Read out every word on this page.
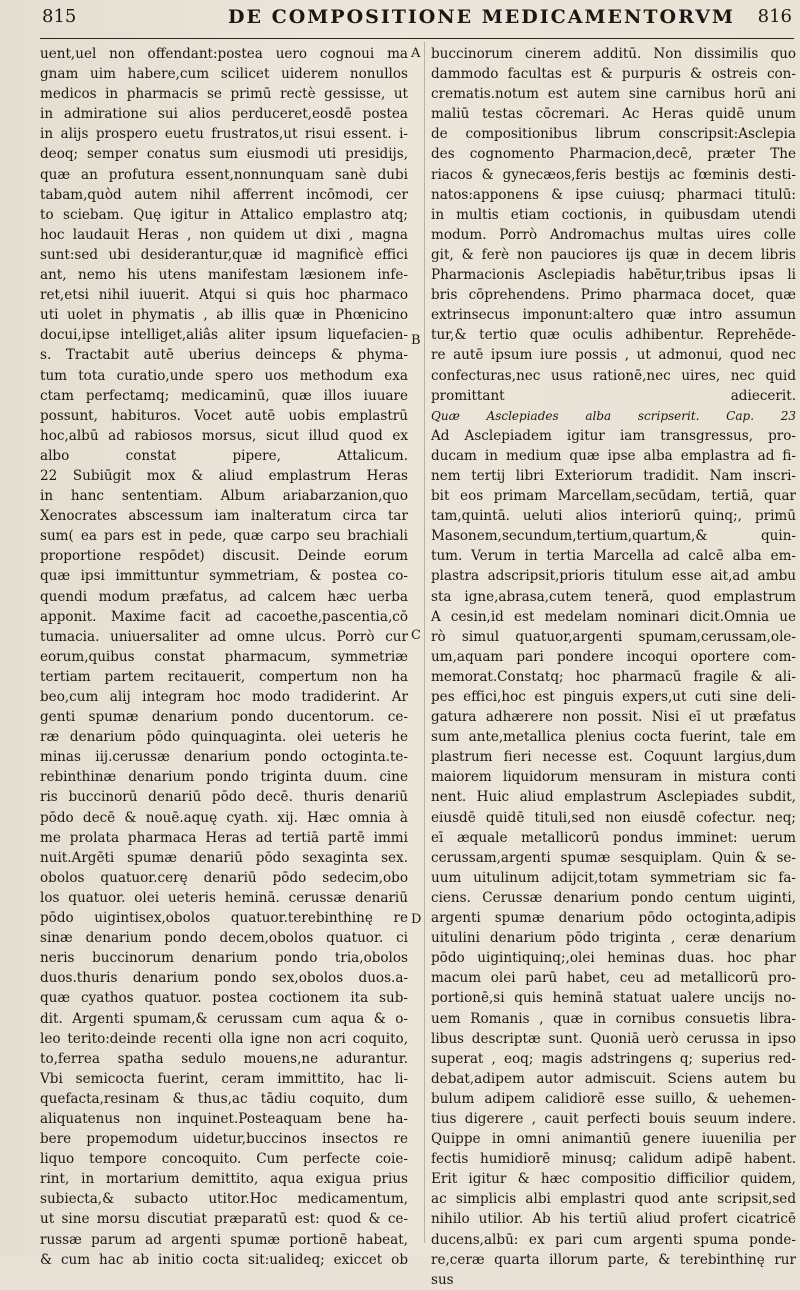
815	DE COMPOSITIONE MEDICAMENTORVM 816
A
B
C
D
uent,uel non offendant:postea uero cognoui ma
gnam uim habere,cum scilicet uiderem nonullos
medicos in pharmacis se primū rectè gessisse, ut
in admiratione sui alios perduceret,eosdē postea
in alijs prospero euetu frustratos,ut risui essent. i-
deoq; semper conatus sum eiusmodi uti presidijs,
quæ an profutura essent,nonnunquam sanè dubi
tabam,quòd autem nihil afferrent incōmodi, cer
to sciebam. Quę igitur in Attalico emplastro atq;
hoc laudauit Heras , non quidem ut dixi , magna
sunt:sed ubi desiderantur,quæ id magnificè effici
ant, nemo his utens manifestam læsionem infe-
ret,etsi nihil iuuerit. Atqui si quis hoc pharmaco
uti uolet in phymatis , ab illis quæ in Phœnicino
docui,ipse intelliget,aliâs aliter ipsum liquefacien-
s. Tractabit autē uberius deinceps & phyma-
tum tota curatio,unde spero uos methodum exa
ctam perfectamq; medicaminū, quæ illos iuuare
possunt, habituros. Vocet autē uobis emplastrū
hoc,albū ad rabiosos morsus, sicut illud quod ex
albo constat pipere, Attalicum.
22 Subiūgit mox & aliud emplastrum Heras
in hanc sententiam. Album ariabarzanion,quo
Xenocrates abscessum iam inalteratum circa tar
sum( ea pars est in pede, quæ carpo seu brachiali
proportione respōdet) discusit. Deinde eorum
quæ ipsi immittuntur symmetriam, & postea co-
quendi modum præfatus, ad calcem hæc uerba
apponit. Maxime facit ad cacoethe,pascentia,cō
tumacia. uniuersaliter ad omne ulcus. Porrò cur
eorum,quibus constat pharmacum, symmetriæ
tertiam partem recitauerit, compertum non ha
beo,cum alij integram hoc modo tradiderint. Ar
genti spumæ denarium pondo ducentorum. ce-
ræ denarium pōdo quinquaginta. olei ueteris he
minas iij.cerussæ denarium pondo octoginta.te-
rebinthinæ denarium pondo triginta duum. cine
ris buccinorū denariū pōdo decē. thuris denariū
pōdo decē & nouē.aquę cyath. xij. Hæc omnia à
me prolata pharmaca Heras ad tertiā partē immi
nuit.Argēti spumæ denariū pōdo sexaginta sex.
obolos quatuor.cerę denariū pōdo sedecim,obo
los quatuor. olei ueteris heminā. cerussæ denariū
pōdo uigintisex,obolos quatuor.terebinthinę re
sinæ denarium pondo decem,obolos quatuor. ci
neris buccinorum denarium pondo tria,obolos
duos.thuris denarium pondo sex,obolos duos.a-
quæ cyathos quatuor. postea coctionem ita sub-
dit. Argenti spumam,& cerussam cum aqua & o-
leo terito:deinde recenti olla igne non acri coquito,
to,ferrea spatha sedulo mouens,ne adurantur.
Vbi semicocta fuerint, ceram immittito, hac li-
quefacta,resinam & thus,ac tādiu coquito, dum
aliquatenus non inquinet.Posteaquam bene ha-
bere propemodum uidetur,buccinos insectos re
liquo tempore concoquito. Cum perfecte coie-
rint, in mortarium demittito, aqua exigua prius
subiecta,& subacto utitor.Hoc medicamentum,
ut sine morsu discutiat præparatū est: quod & ce-
russæ parum ad argenti spumæ portionē habeat,
& cum hac ab initio cocta sit:ualideq; exiccet ob
buccinorum cinerem additū. Non dissimilis quo
dammodo facultas est & purpuris & ostreis con-
crematis.notum est autem sine carnibus horū ani
maliū testas cōcremari. Ac Heras quidē unum
de compositionibus librum conscripsit:Asclepia
des cognomento Pharmacion,decē, præter The
riacos & gynecæos,feris bestijs ac fœminis desti-
natos:apponens & ipse cuiusq; pharmaci titulū:
in multis etiam coctionis, in quibusdam utendi
modum. Porrò Andromachus multas uires colle
git, & ferè non pauciores ijs quæ in decem libris
Pharmacionis Asclepiadis habētur,tribus ipsas li
bris cōprehendens. Primo pharmaca docet, quæ
extrinsecus imponunt:altero quæ intro assumun
tur,& tertio quæ oculis adhibentur. Reprehēde-
re autē ipsum iure possis , ut admonui, quod nec
confecturas,nec usus rationē,nec uires, nec quid
promittant adiecerit.
Quæ Asclepiades alba scripserit. Cap. 23
Ad Asclepiadem igitur iam transgressus, pro-
ducam in medium quæ ipse alba emplastra ad fi-
nem tertij libri Exteriorum tradidit. Nam inscri-
bit eos primam Marcellam,secūdam, tertiā, quar
tam,quintā. ueluti alios interiorū quinq;, primū
Masonem,secundum,tertium,quartum,& quin-
tum. Verum in tertia Marcella ad calcē alba em-
plastra adscripsit,prioris titulum esse ait,ad ambu
sta igne,abrasa,cutem tenerā, quod emplastrum
A cesin,id est medelam nominari dicit.Omnia ue
rò simul quatuor,argenti spumam,cerussam,ole-
um,aquam pari pondere incoqui oportere com-
memorat.Constatq; hoc pharmacū fragile & ali-
pes effici,hoc est pinguis expers,ut cuti sine deli-
gatura adhærere non possit. Nisi eī ut præfatus
sum ante,metallica plenius cocta fuerint, tale em
plastrum fieri necesse est. Coquunt largius,dum
maiorem liquidorum mensuram in mistura conti
nent. Huic aliud emplastrum Asclepiades subdit,
eiusdē quidē tituli,sed non eiusdē cofectur. neq;
eī æquale metallicorū pondus imminet: uerum
cerussam,argenti spumæ sesquiplam. Quin & se-
uum uitulinum adijcit,totam symmetriam sic fa-
ciens. Cerussæ denarium pondo centum uiginti,
argenti spumæ denarium pōdo octoginta,adipis
uitulini denarium pōdo triginta , ceræ denarium
pōdo uigintiquinq;,olei heminas duas. hoc phar
macum olei parū habet, ceu ad metallicorū pro-
portionē,si quis heminā statuat ualere uncijs no-
uem Romanis , quæ in cornibus consuetis libra-
libus descriptæ sunt. Quoniā uerò cerussa in ipso
superat , eoq; magis adstringens q; superius red-
debat,adipem autor admiscuit. Sciens autem bu
bulum adipem calidiorē esse suillo, & uehemen-
tius digerere , cauit perfecti bouis seuum indere.
Quippe in omni animantiū genere iuuenilia per
fectis humidiorē minusq; calidum adipē habent.
Erit igitur & hæc compositio difficilior quidem,
ac simplicis albi emplastri quod ante scripsit,sed
nihilo utilior. Ab his tertiū aliud profert cicatricē
ducens,albū: ex pari cum argenti spuma ponde-
re,ceræ quarta illorum parte, & terebinthinę rur
sus
